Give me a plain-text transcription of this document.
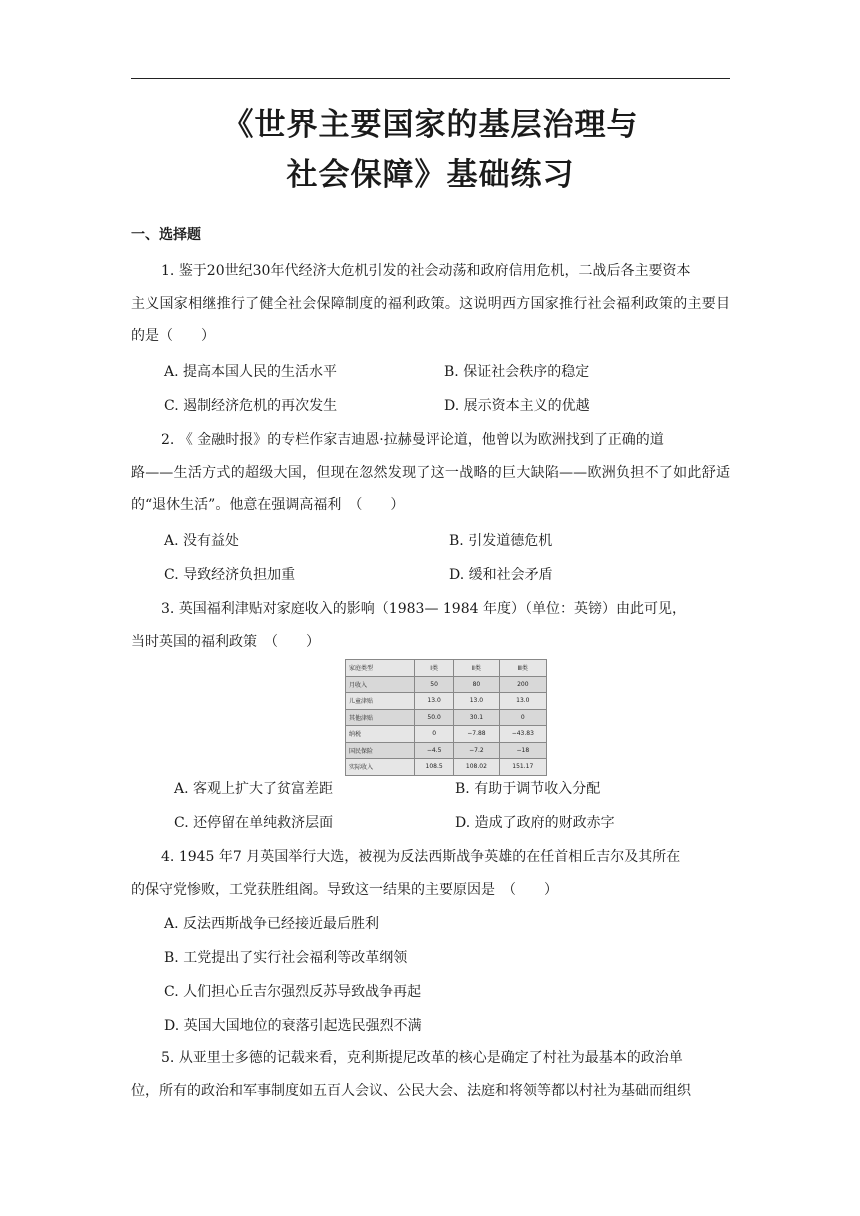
《世界主要国家的基层治理与
社会保障》基础练习
一、选择题
1. 鉴于20世纪30年代经济大危机引发的社会动荡和政府信用危机，二战后各主要资本
主义国家相继推行了健全社会保障制度的福利政策。这说明西方国家推行社会福利政策的主要目的是（　　）
A. 提高本国人民的生活水平	B. 保证社会秩序的稳定
C. 遏制经济危机的再次发生	D. 展示资本主义的优越
2. 《 金融时报》的专栏作家吉迪恩·拉赫曼评论道，他曾以为欧洲找到了正确的道
路——生活方式的超级大国，但现在忽然发现了这一战略的巨大缺陷——欧洲负担不了如此舒适的“退休生活”。他意在强调高福利　（　　）
A. 没有益处	B. 引发道德危机
C. 导致经济负担加重	D. 缓和社会矛盾
3. 英国福利津贴对家庭收入的影响（1983— 1984 年度）（单位：英镑）由此可见，
当时英国的福利政策　（　　）
家庭类型	Ⅰ类	Ⅱ类	Ⅲ类
月收入	50	80	200
儿童津贴	13.0	13.0	13.0
其他津贴	50.0	30.1	0
纳税	0	−7.88	−43.83
国民保险	−4.5	−7.2	−18
实际收入	108.5	108.02	151.17
A. 客观上扩大了贫富差距	B. 有助于调节收入分配
C. 还停留在单纯救济层面	D. 造成了政府的财政赤字
4. 1945 年7 月英国举行大选，被视为反法西斯战争英雄的在任首相丘吉尔及其所在
的保守党惨败，工党获胜组阁。导致这一结果的主要原因是　（　　）
A. 反法西斯战争已经接近最后胜利
B. 工党提出了实行社会福利等改革纲领
C. 人们担心丘吉尔强烈反苏导致战争再起
D. 英国大国地位的衰落引起选民强烈不满
5. 从亚里士多德的记载来看，克利斯提尼改革的核心是确定了村社为最基本的政治单
位，所有的政治和军事制度如五百人会议、公民大会、法庭和将领等都以村社为基础而组织
